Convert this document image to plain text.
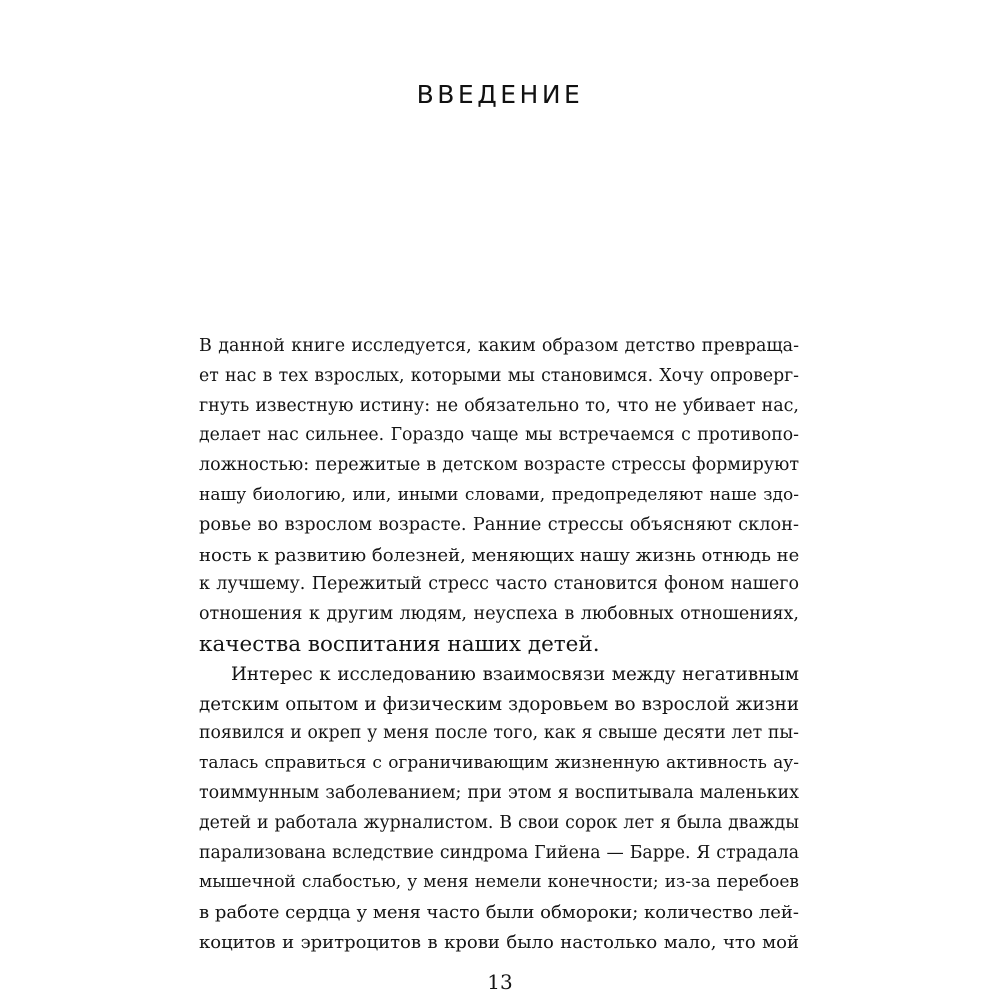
ВВЕДЕНИЕ
В данной книге исследуется, каким образом детство превраща-
ет нас в тех взрослых, которыми мы становимся. Хочу опроверг-
гнуть известную истину: не обязательно то, что не убивает нас,
делает нас сильнее. Гораздо чаще мы встречаемся с противопо-
ложностью: пережитые в детском возрасте стрессы формируют
нашу биологию, или, иными словами, предопределяют наше здо-
ровье во взрослом возрасте. Ранние стрессы объясняют склон-
ность к развитию болезней, меняющих нашу жизнь отнюдь не
к лучшему. Пережитый стресс часто становится фоном нашего
отношения к другим людям, неуспеха в любовных отношениях,
качества воспитания наших детей.
Интерес к исследованию взаимосвязи между негативным
детским опытом и физическим здоровьем во взрослой жизни
появился и окреп у меня после того, как я свыше десяти лет пы-
талась справиться с ограничивающим жизненную активность ау-
тоиммунным заболеванием; при этом я воспитывала маленьких
детей и работала журналистом. В свои сорок лет я была дважды
парализована вследствие синдрома Гийена — Барре. Я страдала
мышечной слабостью, у меня немели конечности; из-за перебоев
в работе сердца у меня часто были обмороки; количество лей-
коцитов и эритроцитов в крови было настолько мало, что мой
13
